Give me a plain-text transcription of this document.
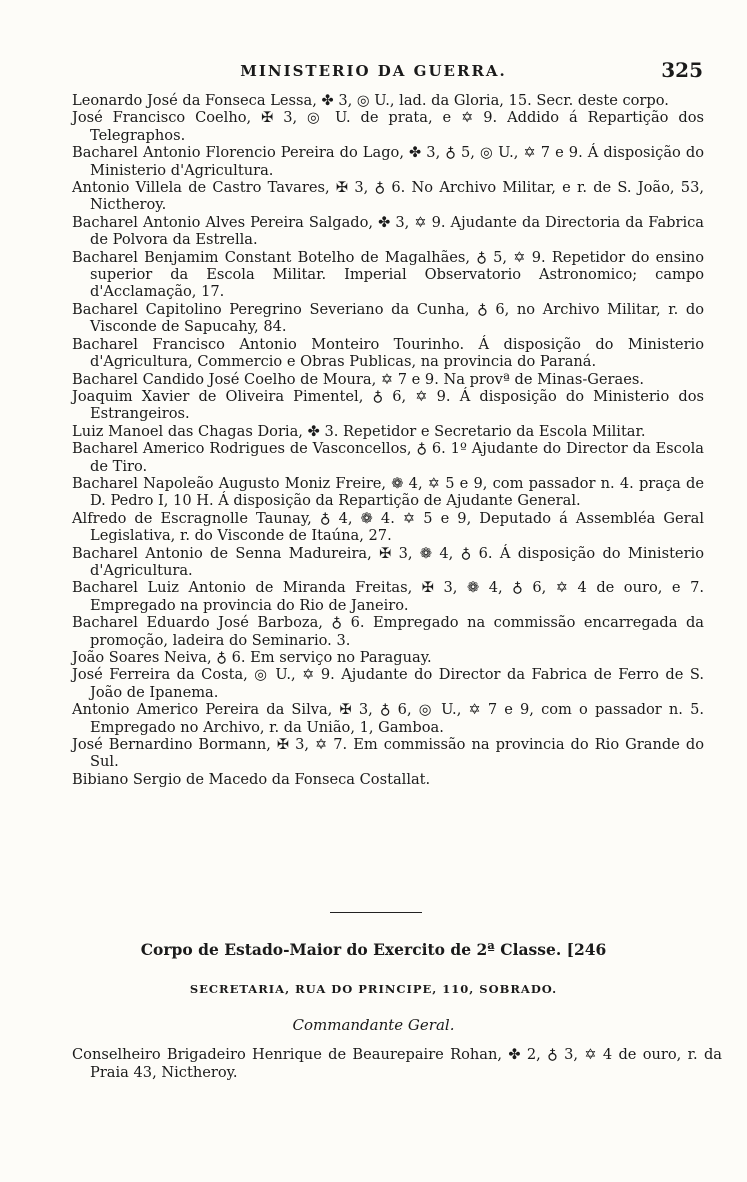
MINISTERIO DA GUERRA.	325

Leonardo José da Fonseca Lessa, ✤ 3, ◎ U., lad. da Gloria, 15. Secr. deste corpo.

José Francisco Coelho, ✠ 3, ◎ U. de prata, e ✡ 9. Addido á Repartição dos Telegraphos.

Bacharel Antonio Florencio Pereira do Lago, ✤ 3, ♁ 5, ◎ U., ✡ 7 e 9. Á disposição do Ministerio d'Agricultura.

Antonio Villela de Castro Tavares, ✠ 3, ♁ 6. No Archivo Militar, e r. de S. João, 53, Nictheroy.

Bacharel Antonio Alves Pereira Salgado, ✤ 3, ✡ 9. Ajudante da Directoria da Fabrica de Polvora da Estrella.

Bacharel Benjamim Constant Botelho de Magalhães, ♁ 5, ✡ 9. Repetidor do ensino superior da Escola Militar. Imperial Observatorio Astronomico; campo d'Acclamação, 17.

Bacharel Capitolino Peregrino Severiano da Cunha, ♁ 6, no Archivo Militar, r. do Visconde de Sapucahy, 84.

Bacharel Francisco Antonio Monteiro Tourinho. Á disposição do Ministerio d'Agricultura, Commercio e Obras Publicas, na provincia do Paraná.

Bacharel Candido José Coelho de Moura, ✡ 7 e 9. Na provª de Minas-Geraes.

Joaquim Xavier de Oliveira Pimentel, ♁ 6, ✡ 9. Á disposição do Ministerio dos Estrangeiros.

Luiz Manoel das Chagas Doria, ✤ 3. Repetidor e Secretario da Escola Militar.

Bacharel Americo Rodrigues de Vasconcellos, ♁ 6. 1º Ajudante do Director da Escola de Tiro.

Bacharel Napoleão Augusto Moniz Freire, ❁ 4, ✡ 5 e 9, com passador n. 4. praça de D. Pedro I, 10 H. Á disposição da Repartição de Ajudante General.

Alfredo de Escragnolle Taunay, ♁ 4, ❁ 4. ✡ 5 e 9, Deputado á Assembléa Geral Legislativa, r. do Visconde de Itaúna, 27.

Bacharel Antonio de Senna Madureira, ✠ 3, ❁ 4, ♁ 6. Á disposição do Ministerio d'Agricultura.

Bacharel Luiz Antonio de Miranda Freitas, ✠ 3, ❁ 4, ♁ 6, ✡ 4 de ouro, e 7. Empregado na provincia do Rio de Janeiro.

Bacharel Eduardo José Barboza, ♁ 6. Empregado na commissão encarregada da promoção, ladeira do Seminario. 3.

João Soares Neiva, ♁ 6. Em serviço no Paraguay.

José Ferreira da Costa, ◎ U., ✡ 9. Ajudante do Director da Fabrica de Ferro de S. João de Ipanema.

Antonio Americo Pereira da Silva, ✠ 3, ♁ 6, ◎ U., ✡ 7 e 9, com o passador n. 5. Empregado no Archivo, r. da União, 1, Gamboa.

José Bernardino Bormann, ✠ 3, ✡ 7. Em commissão na provincia do Rio Grande do Sul.

Bibiano Sergio de Macedo da Fonseca Costallat.

Corpo de Estado-Maior do Exercito de 2ª Classe. [246
SECRETARIA, RUA DO PRINCIPE, 110, SOBRADO.
Commandante Geral.

Conselheiro Brigadeiro Henrique de Beaurepaire Rohan, ✤ 2, ♁ 3, ✡ 4 de ouro, r. da Praia 43, Nictheroy.
